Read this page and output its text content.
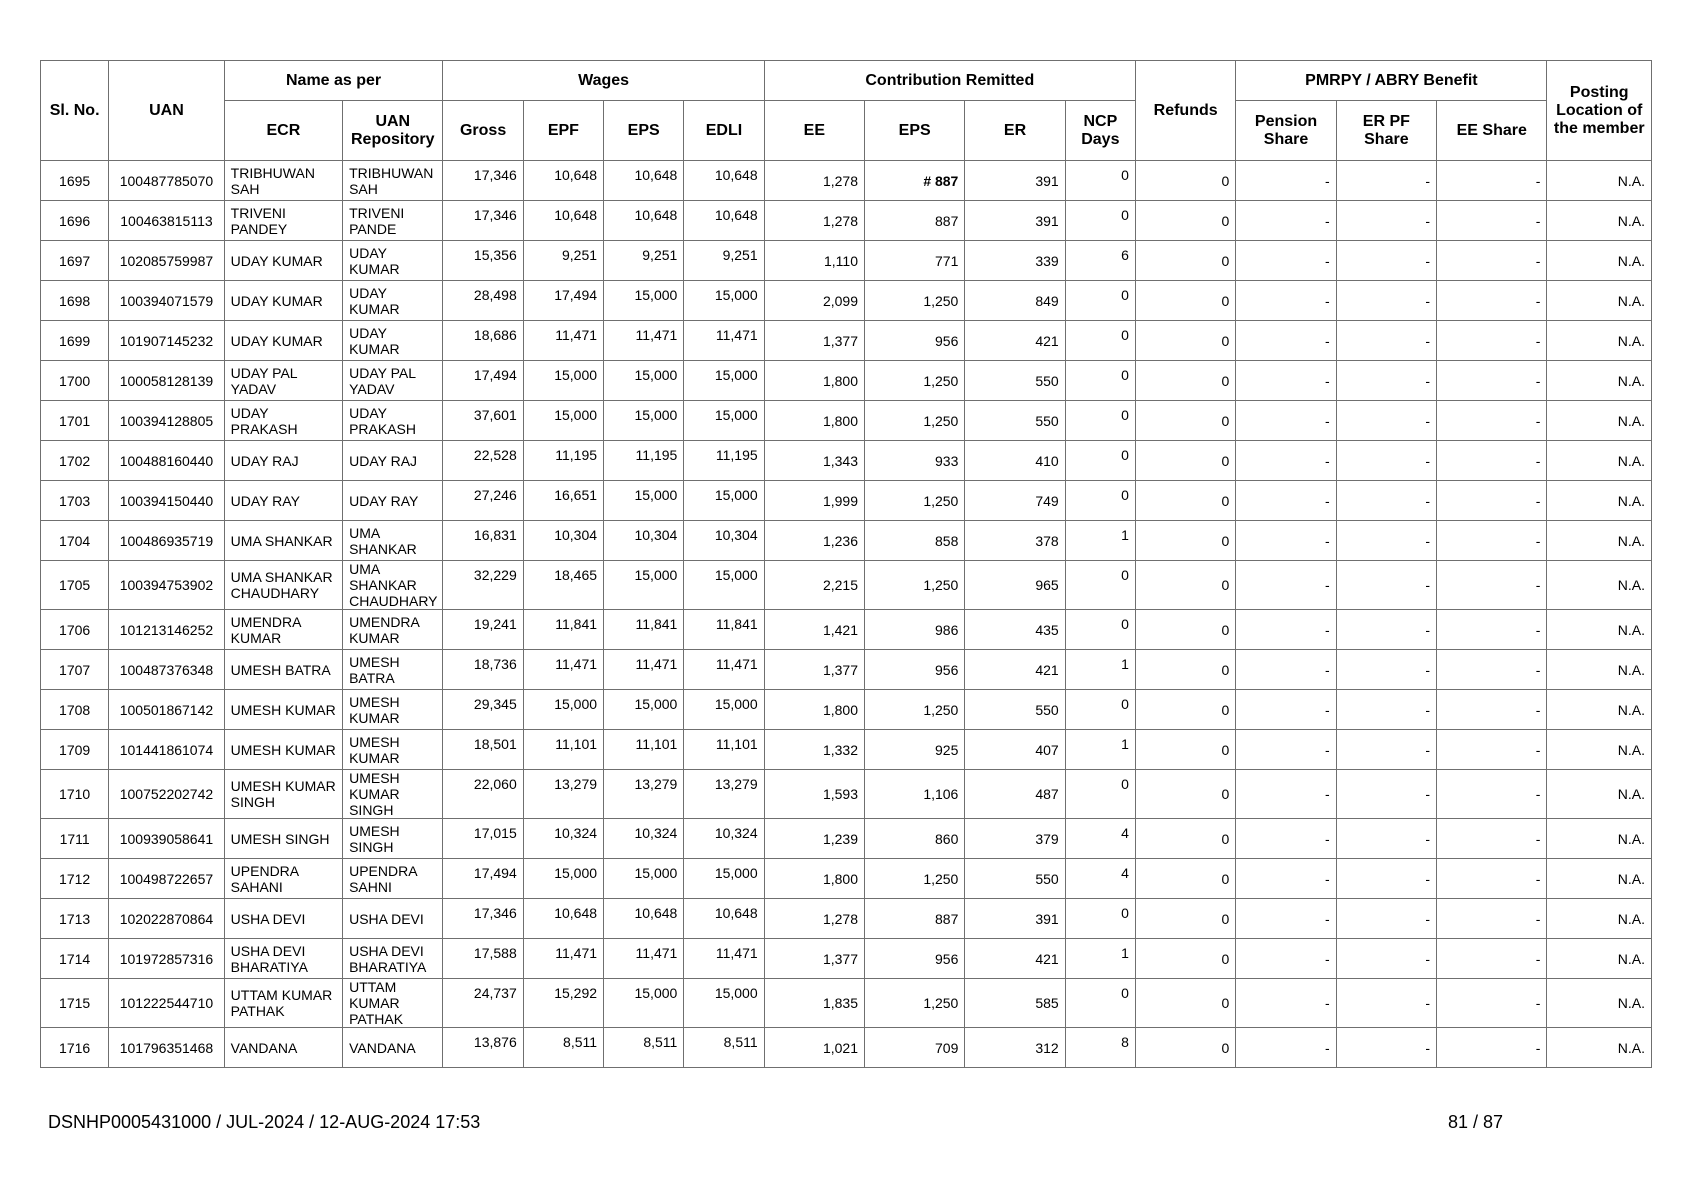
Sl. No.	UAN	Name as per		Wages				Contribution Remitted				Refunds	PMRPY / ABRY Benefit			Posting Location of the member
		ECR	UAN Repository	Gross	EPF	EPS	EDLI	EE	EPS	ER	NCP Days		Pension Share	ER PF Share	EE Share	
1695	100487785070	TRIBHUWAN SAH	TRIBHUWAN SAH	17,346	10,648	10,648	10,648	1,278	# 887	391	0	0	-	-	-	N.A.
1696	100463815113	TRIVENI PANDEY	TRIVENI PANDE	17,346	10,648	10,648	10,648	1,278	887	391	0	0	-	-	-	N.A.
1697	102085759987	UDAY KUMAR	UDAY KUMAR	15,356	9,251	9,251	9,251	1,110	771	339	6	0	-	-	-	N.A.
1698	100394071579	UDAY KUMAR	UDAY KUMAR	28,498	17,494	15,000	15,000	2,099	1,250	849	0	0	-	-	-	N.A.
1699	101907145232	UDAY KUMAR	UDAY KUMAR	18,686	11,471	11,471	11,471	1,377	956	421	0	0	-	-	-	N.A.
1700	100058128139	UDAY PAL YADAV	UDAY PAL YADAV	17,494	15,000	15,000	15,000	1,800	1,250	550	0	0	-	-	-	N.A.
1701	100394128805	UDAY PRAKASH	UDAY PRAKASH	37,601	15,000	15,000	15,000	1,800	1,250	550	0	0	-	-	-	N.A.
1702	100488160440	UDAY RAJ	UDAY RAJ	22,528	11,195	11,195	11,195	1,343	933	410	0	0	-	-	-	N.A.
1703	100394150440	UDAY RAY	UDAY RAY	27,246	16,651	15,000	15,000	1,999	1,250	749	0	0	-	-	-	N.A.
1704	100486935719	UMA SHANKAR	UMA SHANKAR	16,831	10,304	10,304	10,304	1,236	858	378	1	0	-	-	-	N.A.
1705	100394753902	UMA SHANKAR CHAUDHARY	UMA SHANKAR CHAUDHARY	32,229	18,465	15,000	15,000	2,215	1,250	965	0	0	-	-	-	N.A.
1706	101213146252	UMENDRA KUMAR	UMENDRA KUMAR	19,241	11,841	11,841	11,841	1,421	986	435	0	0	-	-	-	N.A.
1707	100487376348	UMESH BATRA	UMESH BATRA	18,736	11,471	11,471	11,471	1,377	956	421	1	0	-	-	-	N.A.
1708	100501867142	UMESH KUMAR	UMESH KUMAR	29,345	15,000	15,000	15,000	1,800	1,250	550	0	0	-	-	-	N.A.
1709	101441861074	UMESH KUMAR	UMESH KUMAR	18,501	11,101	11,101	11,101	1,332	925	407	1	0	-	-	-	N.A.
1710	100752202742	UMESH KUMAR SINGH	UMESH KUMAR SINGH	22,060	13,279	13,279	13,279	1,593	1,106	487	0	0	-	-	-	N.A.
1711	100939058641	UMESH SINGH	UMESH SINGH	17,015	10,324	10,324	10,324	1,239	860	379	4	0	-	-	-	N.A.
1712	100498722657	UPENDRA SAHANI	UPENDRA SAHNI	17,494	15,000	15,000	15,000	1,800	1,250	550	4	0	-	-	-	N.A.
1713	102022870864	USHA DEVI	USHA DEVI	17,346	10,648	10,648	10,648	1,278	887	391	0	0	-	-	-	N.A.
1714	101972857316	USHA DEVI BHARATIYA	USHA DEVI BHARATIYA	17,588	11,471	11,471	11,471	1,377	956	421	1	0	-	-	-	N.A.
1715	101222544710	UTTAM KUMAR PATHAK	UTTAM KUMAR PATHAK	24,737	15,292	15,000	15,000	1,835	1,250	585	0	0	-	-	-	N.A.
1716	101796351468	VANDANA	VANDANA	13,876	8,511	8,511	8,511	1,021	709	312	8	0	-	-	-	N.A.
DSNHP0005431000 / JUL-2024 / 12-AUG-2024 17:53	81 / 87
